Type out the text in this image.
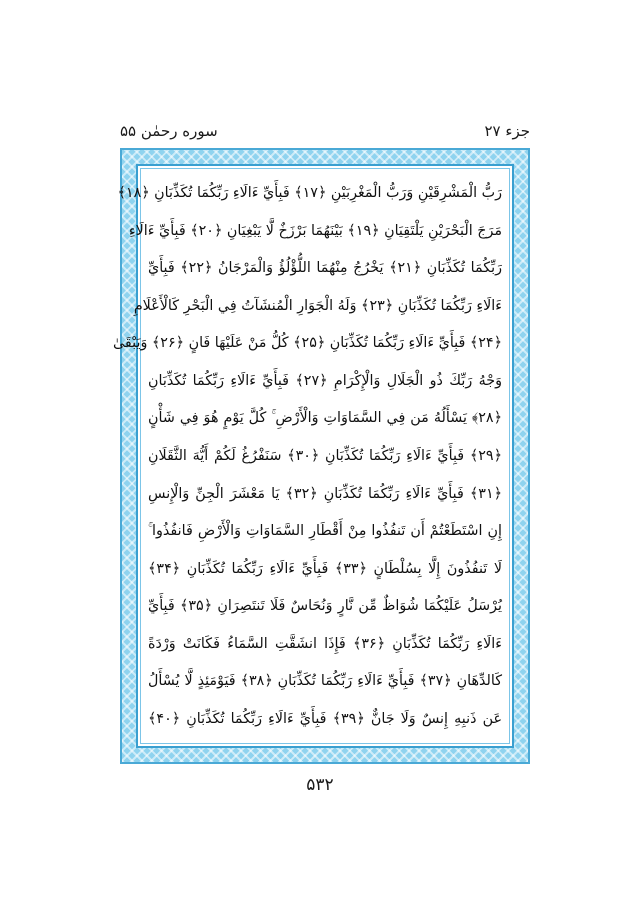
جزء ۲۷
سوره رحمٰن ۵۵
رَبُّ الْمَشْرِقَيْنِ وَرَبُّ الْمَغْرِبَيْنِ ﴿۱۷﴾ فَبِأَيِّ ءَالَاءِ رَبِّكُمَا تُكَذِّبَانِ ﴿۱۸﴾
مَرَجَ الْبَحْرَيْنِ يَلْتَقِيَانِ ﴿۱۹﴾ بَيْنَهُمَا بَرْزَخٌ لَّا يَبْغِيَانِ ﴿۲۰﴾ فَبِأَيِّ ءَالَاءِ
رَبِّكُمَا تُكَذِّبَانِ ﴿۲۱﴾ يَخْرُجُ مِنْهُمَا اللُّؤْلُؤُ وَالْمَرْجَانُ ﴿۲۲﴾ فَبِأَيِّ
ءَالَاءِ رَبِّكُمَا تُكَذِّبَانِ ﴿۲۳﴾ وَلَهُ الْجَوَارِ الْمُنشَآتُ فِي الْبَحْرِ كَالْأَعْلَامِ
﴿۲۴﴾ فَبِأَيِّ ءَالَاءِ رَبِّكُمَا تُكَذِّبَانِ ﴿۲۵﴾ كُلُّ مَنْ عَلَيْهَا فَانٍ ﴿۲۶﴾ وَيَبْقَىٰ
وَجْهُ رَبِّكَ ذُو الْجَلَالِ وَالْإِكْرَامِ ﴿۲۷﴾ فَبِأَيِّ ءَالَاءِ رَبِّكُمَا تُكَذِّبَانِ
﴿۲۸﴾ يَسْأَلُهُ مَن فِي السَّمَاوَاتِ وَالْأَرْضِ ۚ كُلَّ يَوْمٍ هُوَ فِي شَأْنٍ
﴿۲۹﴾ فَبِأَيِّ ءَالَاءِ رَبِّكُمَا تُكَذِّبَانِ ﴿۳۰﴾ سَنَفْرُغُ لَكُمْ أَيُّهَ الثَّقَلَانِ
﴿۳۱﴾ فَبِأَيِّ ءَالَاءِ رَبِّكُمَا تُكَذِّبَانِ ﴿۳۲﴾ يَا مَعْشَرَ الْجِنِّ وَالْإِنسِ
إِنِ اسْتَطَعْتُمْ أَن تَنفُذُوا مِنْ أَقْطَارِ السَّمَاوَاتِ وَالْأَرْضِ فَانفُذُوا ۚ
لَا تَنفُذُونَ إِلَّا بِسُلْطَانٍ ﴿۳۳﴾ فَبِأَيِّ ءَالَاءِ رَبِّكُمَا تُكَذِّبَانِ ﴿۳۴﴾
يُرْسَلُ عَلَيْكُمَا شُوَاظٌ مِّن نَّارٍ وَنُحَاسٌ فَلَا تَنتَصِرَانِ ﴿۳۵﴾ فَبِأَيِّ
ءَالَاءِ رَبِّكُمَا تُكَذِّبَانِ ﴿۳۶﴾ فَإِذَا انشَقَّتِ السَّمَاءُ فَكَانَتْ وَرْدَةً
كَالدِّهَانِ ﴿۳۷﴾ فَبِأَيِّ ءَالَاءِ رَبِّكُمَا تُكَذِّبَانِ ﴿۳۸﴾ فَيَوْمَئِذٍ لَّا يُسْأَلُ
عَن ذَنبِهِ إِنسٌ وَلَا جَانٌّ ﴿۳۹﴾ فَبِأَيِّ ءَالَاءِ رَبِّكُمَا تُكَذِّبَانِ ﴿۴۰﴾
۵۳۲
